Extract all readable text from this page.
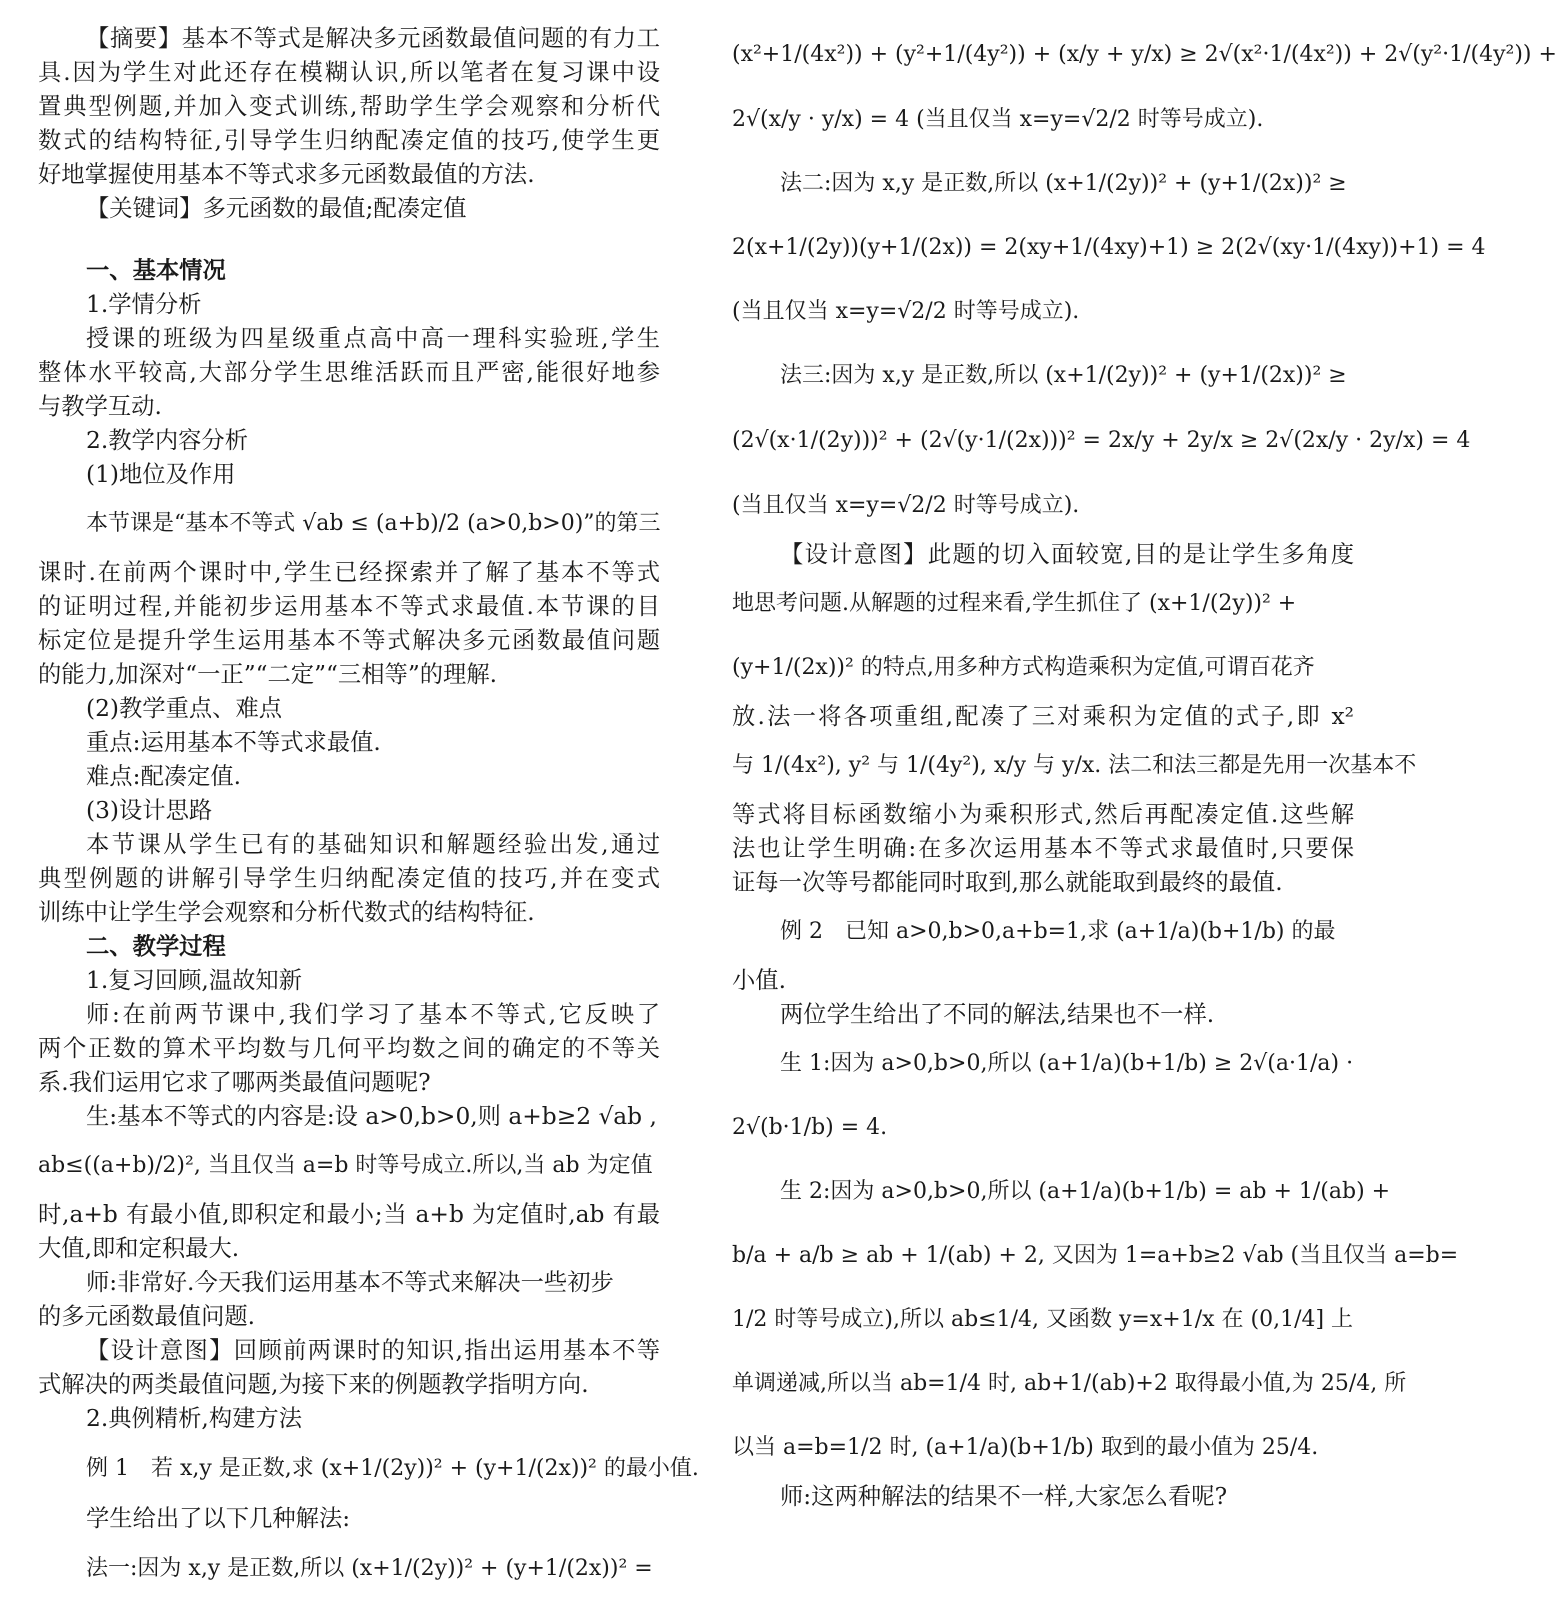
【摘要】基本不等式是解决多元函数最值问题的有力工
具.因为学生对此还存在模糊认识,所以笔者在复习课中设
置典型例题,并加入变式训练,帮助学生学会观察和分析代
数式的结构特征,引导学生归纳配凑定值的技巧,使学生更
好地掌握使用基本不等式求多元函数最值的方法.
【关键词】多元函数的最值;配凑定值
一、基本情况
1.学情分析
授课的班级为四星级重点高中高一理科实验班,学生
整体水平较高,大部分学生思维活跃而且严密,能很好地参
与教学互动.
2.教学内容分析
(1)地位及作用
本节课是“基本不等式 √ab ≤ (a+b)/2 (a>0,b>0)”的第三
课时.在前两个课时中,学生已经探索并了解了基本不等式
的证明过程,并能初步运用基本不等式求最值.本节课的目
标定位是提升学生运用基本不等式解决多元函数最值问题
的能力,加深对“一正”“二定”“三相等”的理解.
(2)教学重点、难点
重点:运用基本不等式求最值.
难点:配凑定值.
(3)设计思路
本节课从学生已有的基础知识和解题经验出发,通过
典型例题的讲解引导学生归纳配凑定值的技巧,并在变式
训练中让学生学会观察和分析代数式的结构特征.
二、教学过程
1.复习回顾,温故知新
师:在前两节课中,我们学习了基本不等式,它反映了
两个正数的算术平均数与几何平均数之间的确定的不等关
系.我们运用它求了哪两类最值问题呢?
生:基本不等式的内容是:设 a>0,b>0,则 a+b≥2 √ab ,
ab≤((a+b)/2)², 当且仅当 a=b 时等号成立.所以,当 ab 为定值
时,a+b 有最小值,即积定和最小;当 a+b 为定值时,ab 有最
大值,即和定积最大.
师:非常好.今天我们运用基本不等式来解决一些初步
的多元函数最值问题.
【设计意图】回顾前两课时的知识,指出运用基本不等
式解决的两类最值问题,为接下来的例题教学指明方向.
2.典例精析,构建方法
例 1　若 x,y 是正数,求 (x+1/(2y))² + (y+1/(2x))² 的最小值.
学生给出了以下几种解法:
法一:因为 x,y 是正数,所以 (x+1/(2y))² + (y+1/(2x))² =
(x²+1/(4x²)) + (y²+1/(4y²)) + (x/y + y/x) ≥ 2√(x²·1/(4x²)) + 2√(y²·1/(4y²)) +
2√(x/y · y/x) = 4 (当且仅当 x=y=√2/2 时等号成立).
法二:因为 x,y 是正数,所以 (x+1/(2y))² + (y+1/(2x))² ≥
2(x+1/(2y))(y+1/(2x)) = 2(xy+1/(4xy)+1) ≥ 2(2√(xy·1/(4xy))+1) = 4
(当且仅当 x=y=√2/2 时等号成立).
法三:因为 x,y 是正数,所以 (x+1/(2y))² + (y+1/(2x))² ≥
(2√(x·1/(2y)))² + (2√(y·1/(2x)))² = 2x/y + 2y/x ≥ 2√(2x/y · 2y/x) = 4
(当且仅当 x=y=√2/2 时等号成立).
【设计意图】此题的切入面较宽,目的是让学生多角度
地思考问题.从解题的过程来看,学生抓住了 (x+1/(2y))² +
(y+1/(2x))² 的特点,用多种方式构造乘积为定值,可谓百花齐
放.法一将各项重组,配凑了三对乘积为定值的式子,即 x²
与 1/(4x²), y² 与 1/(4y²), x/y 与 y/x. 法二和法三都是先用一次基本不
等式将目标函数缩小为乘积形式,然后再配凑定值.这些解
法也让学生明确:在多次运用基本不等式求最值时,只要保
证每一次等号都能同时取到,那么就能取到最终的最值.
例 2　已知 a>0,b>0,a+b=1,求 (a+1/a)(b+1/b) 的最
小值.
两位学生给出了不同的解法,结果也不一样.
生 1:因为 a>0,b>0,所以 (a+1/a)(b+1/b) ≥ 2√(a·1/a) ·
2√(b·1/b) = 4.
生 2:因为 a>0,b>0,所以 (a+1/a)(b+1/b) = ab + 1/(ab) +
b/a + a/b ≥ ab + 1/(ab) + 2, 又因为 1=a+b≥2 √ab (当且仅当 a=b=
1/2 时等号成立),所以 ab≤1/4, 又函数 y=x+1/x 在 (0,1/4] 上
单调递减,所以当 ab=1/4 时, ab+1/(ab)+2 取得最小值,为 25/4, 所
以当 a=b=1/2 时, (a+1/a)(b+1/b) 取到的最小值为 25/4.
师:这两种解法的结果不一样,大家怎么看呢?
